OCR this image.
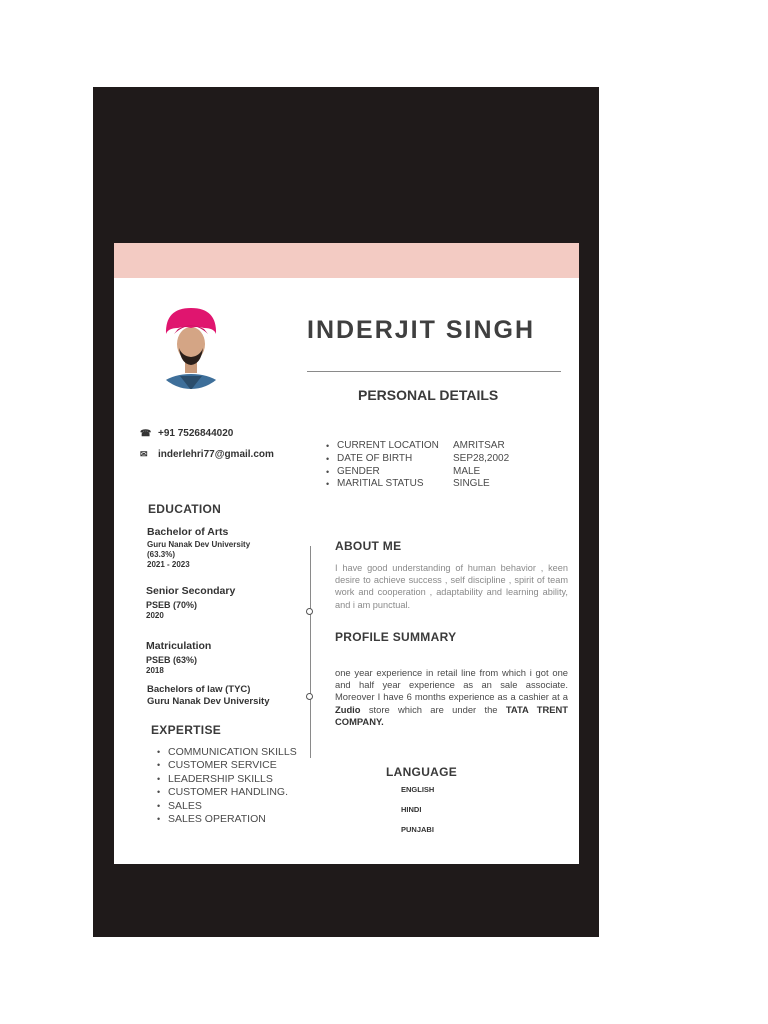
INDERJIT SINGH
☎ +91 7526844020
✉ inderlehri77@gmail.com
PERSONAL DETAILS
• CURRENT LOCATION	AMRITSAR
• DATE OF BIRTH	SEP28,2002
• GENDER	MALE
• MARITIAL STATUS	SINGLE
EDUCATION
Bachelor of Arts
Guru Nanak Dev University
(63.3%)
2021 - 2023
Senior Secondary
PSEB (70%)
2020
Matriculation
PSEB (63%)
2018
Bachelors of law (TYC)
Guru Nanak Dev University
EXPERTISE
• COMMUNICATION SKILLS
• CUSTOMER SERVICE
• LEADERSHIP SKILLS
• CUSTOMER HANDLING.
• SALES
• SALES OPERATION
ABOUT ME
I have good understanding of human behavior , keen desire to achieve success , self discipline , spirit of team work and cooperation , adaptability and learning ability, and i am punctual.
PROFILE SUMMARY
one year experience in retail line from which i got one and half year experience as an sale associate. Moreover I have 6 months experience as a cashier at a Zudio store which are under the TATA TRENT COMPANY.
LANGUAGE
ENGLISH
HINDI
PUNJABI
